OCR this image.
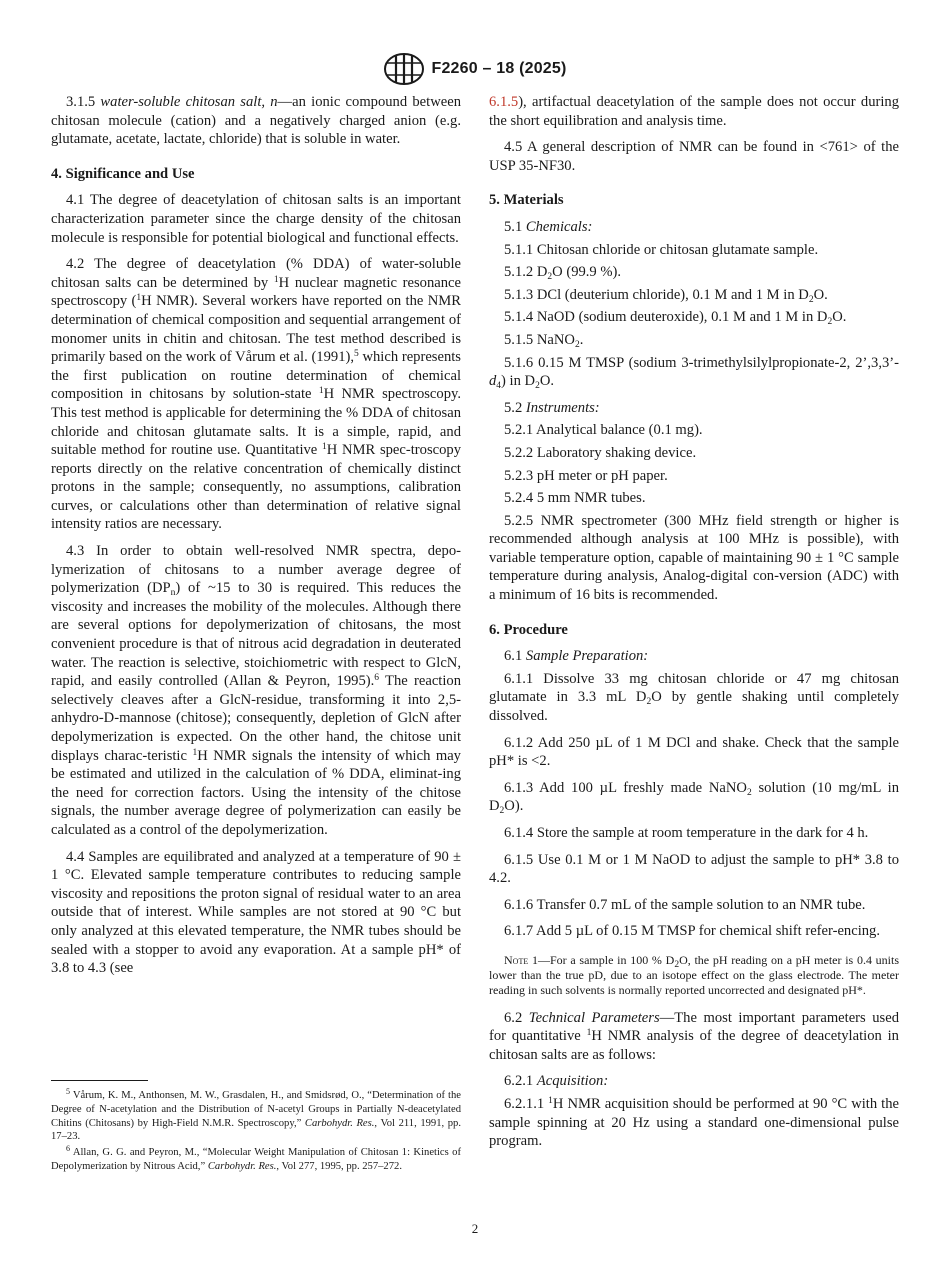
F2260 – 18 (2025)

3.1.5 water-soluble chitosan salt, n—an ionic compound between chitosan molecule (cation) and a negatively charged anion (e.g. glutamate, acetate, lactate, chloride) that is soluble in water.

4. Significance and Use

4.1 The degree of deacetylation of chitosan salts is an important characterization parameter since the charge density of the chitosan molecule is responsible for potential biological and functional effects.

4.2 The degree of deacetylation (% DDA) of water-soluble chitosan salts can be determined by $^1$H nuclear magnetic resonance spectroscopy ($^1$H NMR). Several workers have reported on the NMR determination of chemical composition and sequential arrangement of monomer units in chitin and chitosan. The test method described is primarily based on the work of Vårum et al. (1991),$^5$ which represents the first publication on routine determination of chemical composition in chitosans by solution-state $^1$H NMR spectroscopy. This test method is applicable for determining the % DDA of chitosan chloride and chitosan glutamate salts. It is a simple, rapid, and suitable method for routine use. Quantitative $^1$H NMR spec-troscopy reports directly on the relative concentration of chemically distinct protons in the sample; consequently, no assumptions, calibration curves, or calculations other than determination of relative signal intensity ratios are necessary.

4.3 In order to obtain well-resolved NMR spectra, depo-lymerization of chitosans to a number average degree of polymerization $(DP_n)$ of ~15 to 30 is required. This reduces the viscosity and increases the mobility of the molecules. Although there are several options for depolymerization of chitosans, the most convenient procedure is that of nitrous acid degradation in deuterated water. The reaction is selective, stoichiometric with respect to GlcN, rapid, and easily controlled (Allan & Peyron, 1995).$^6$ The reaction selectively cleaves after a GlcN-residue, transforming it into 2,5-anhydro-D-mannose (chitose); consequently, depletion of GlcN after depolymerization is expected. On the other hand, the chitose unit displays charac-teristic $^1$H NMR signals the intensity of which may be estimated and utilized in the calculation of % DDA, eliminat-ing the need for correction factors. Using the intensity of the chitose signals, the number average degree of polymerization can easily be calculated as a control of the depolymerization.

4.4 Samples are equilibrated and analyzed at a temperature of 90 ± 1 °C. Elevated sample temperature contributes to reducing sample viscosity and repositions the proton signal of residual water to an area outside that of interest. While samples are not stored at 90 °C but only analyzed at this elevated temperature, the NMR tubes should be sealed with a stopper to avoid any evaporation. At a sample pH* of 3.8 to 4.3 (see

6.1.5), artifactual deacetylation of the sample does not occur during the short equilibration and analysis time.

4.5 A general description of NMR can be found in <761> of the USP 35-NF30.

5. Materials

5.1 Chemicals:

5.1.1 Chitosan chloride or chitosan glutamate sample.

5.1.2 $D_2O$ (99.9 %).

5.1.3 DCl (deuterium chloride), 0.1 M and 1 M in $D_2O$.

5.1.4 NaOD (sodium deuteroxide), 0.1 M and 1 M in $D_2O$.

5.1.5 NaNO$_2$.

5.1.6 0.15 M TMSP (sodium 3-trimethylsilylpropionate-2, $2’,3,3’-d_4$) in $D_2O$.

5.2 Instruments:

5.2.1 Analytical balance (0.1 mg).

5.2.2 Laboratory shaking device.

5.2.3 pH meter or pH paper.

5.2.4 5 mm NMR tubes.

5.2.5 NMR spectrometer (300 MHz field strength or higher is recommended although analysis at 100 MHz is possible), with variable temperature option, capable of maintaining 90 ± 1 °C sample temperature during analysis, Analog-digital con-version (ADC) with a minimum of 16 bits is recommended.

6. Procedure

6.1 Sample Preparation:

6.1.1 Dissolve 33 mg chitosan chloride or 47 mg chitosan glutamate in 3.3 mL $D_2O$ by gentle shaking until completely dissolved.

6.1.2 Add 250 µL of 1 M DCl and shake. Check that the sample pH* is <2.

6.1.3 Add 100 µL freshly made NaNO$_2$ solution (10 mg/mL in $D_2O$).

6.1.4 Store the sample at room temperature in the dark for 4 h.

6.1.5 Use 0.1 M or 1 M NaOD to adjust the sample to pH* 3.8 to 4.2.

6.1.6 Transfer 0.7 mL of the sample solution to an NMR tube.

6.1.7 Add 5 µL of 0.15 M TMSP for chemical shift refer-encing.

Note 1—For a sample in 100 % $D_2O$, the pH reading on a pH meter is 0.4 units lower than the true pD, due to an isotope effect on the glass electrode. The meter reading in such solvents is normally reported uncorrected and designated pH*.

6.2 Technical Parameters—The most important parameters used for quantitative $^1$H NMR analysis of the degree of deacetylation in chitosan salts are as follows:

6.2.1 Acquisition:

6.2.1.1 $^1$H NMR acquisition should be performed at 90 °C with the sample spinning at 20 Hz using a standard one-dimensional pulse program.

$^5$ Vårum, K. M., Anthonsen, M. W., Grasdalen, H., and Smidsrød, O., “Determination of the Degree of N-acetylation and the Distribution of N-acetyl Groups in Partially N-deacetylated Chitins (Chitosans) by High-Field N.M.R. Spectroscopy,” Carbohydr. Res., Vol 211, 1991, pp. 17–23.

$^6$ Allan, G. G. and Peyron, M., “Molecular Weight Manipulation of Chitosan 1: Kinetics of Depolymerization by Nitrous Acid,” Carbohydr. Res., Vol 277, 1995, pp. 257–272.

2
